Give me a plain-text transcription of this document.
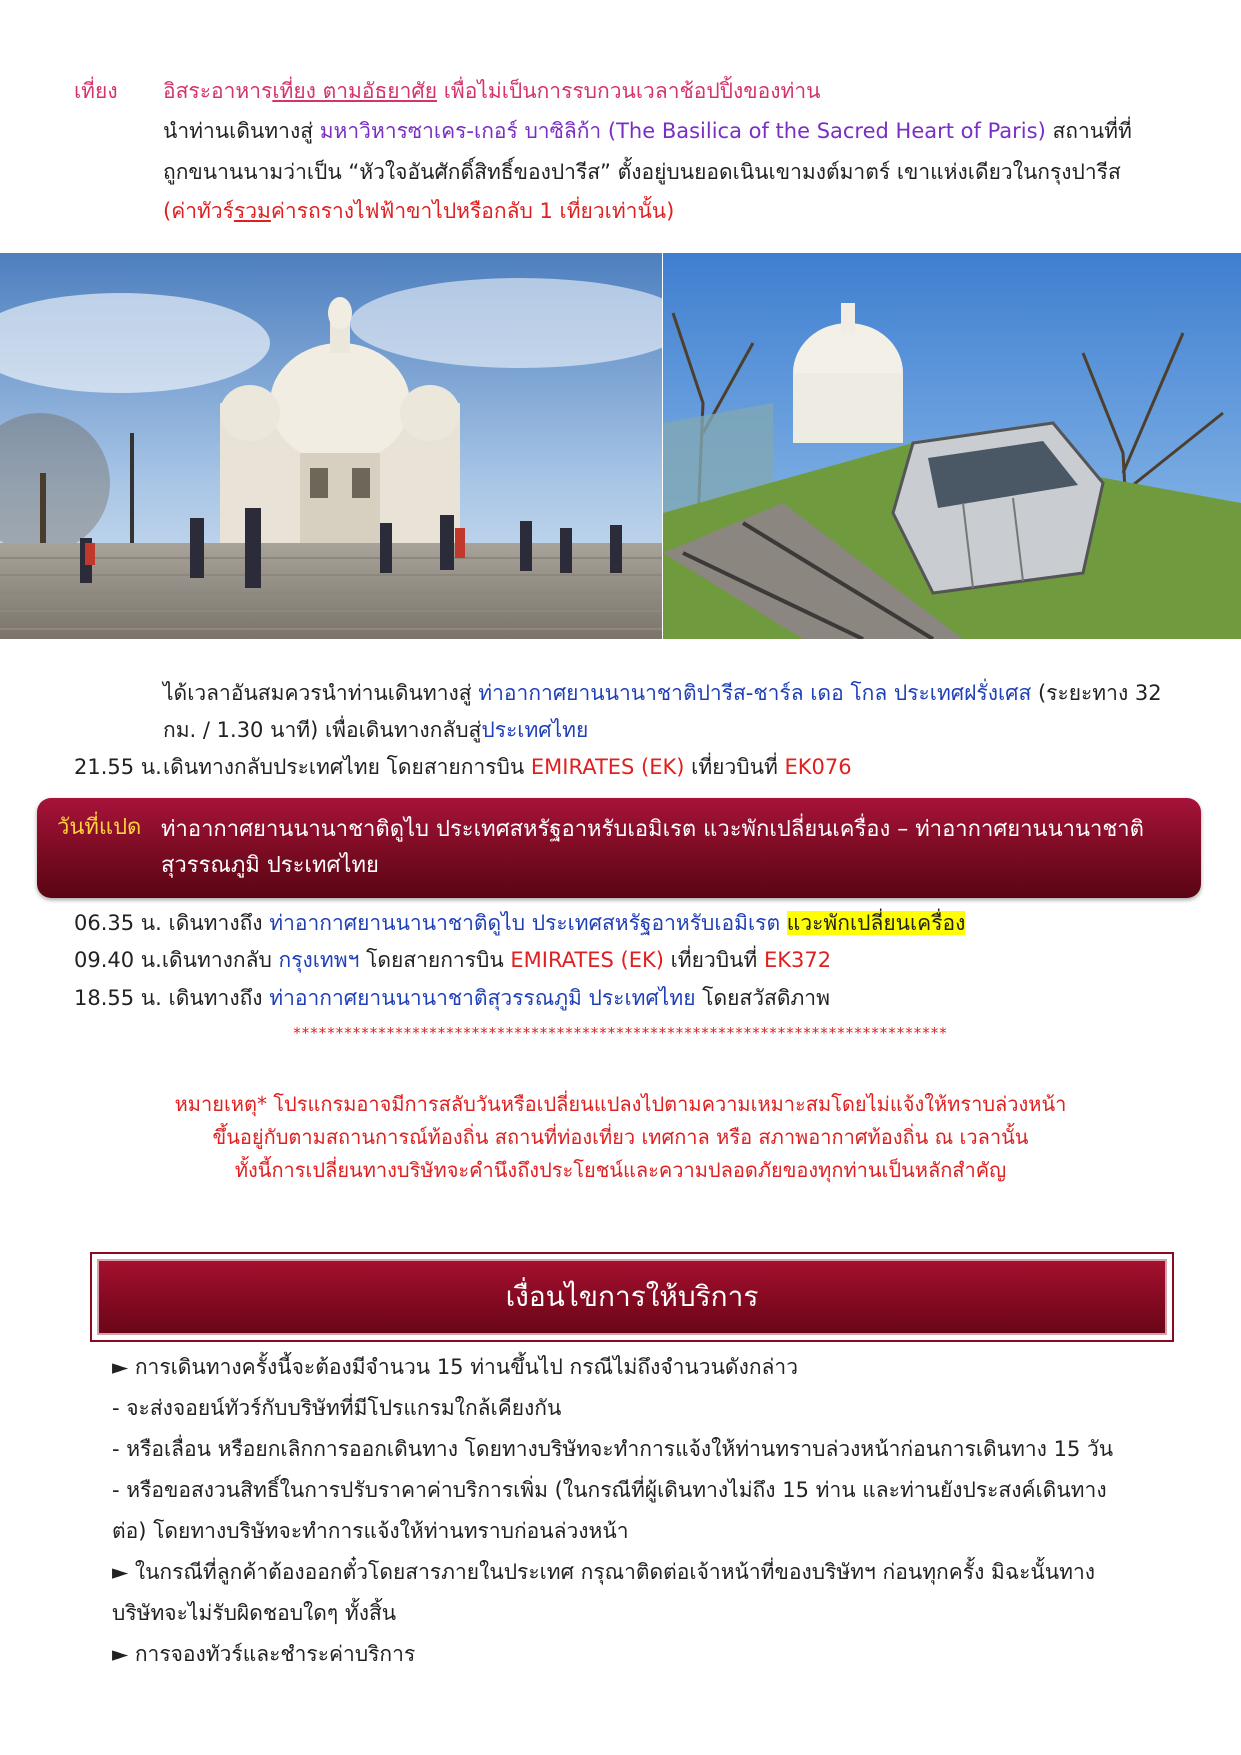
เที่ยง อิสระอาหารเที่ยง ตามอัธยาศัย เพื่อไม่เป็นการรบกวนเวลาช้อปปิ้งของท่าน
นำท่านเดินทางสู่ มหาวิหารซาเคร-เกอร์ บาซิลิก้า (The Basilica of the Sacred Heart of Paris) สถานที่ที่
ถูกขนานนามว่าเป็น “หัวใจอันศักดิ์สิทธิ์ของปารีส” ตั้งอยู่บนยอดเนินเขามงต์มาตร์ เขาแห่งเดียวในกรุงปารีส
(ค่าทัวร์รวมค่ารถรางไฟฟ้าขาไปหรือกลับ 1 เที่ยวเท่านั้น)
ได้เวลาอันสมควรนำท่านเดินทางสู่ ท่าอากาศยานนานาชาติปารีส-ชาร์ล เดอ โกล ประเทศฝรั่งเศส (ระยะทาง 32
กม. / 1.30 นาที) เพื่อเดินทางกลับสู่ประเทศไทย
21.55 น. เดินทางกลับประเทศไทย โดยสายการบิน EMIRATES (EK) เที่ยวบินที่ EK076
วันที่แปด ท่าอากาศยานนานาชาติดูไบ ประเทศสหรัฐอาหรับเอมิเรต แวะพักเปลี่ยนเครื่อง – ท่าอากาศยานนานาชาติ สุวรรณภูมิ ประเทศไทย
06.35 น. เดินทางถึง ท่าอากาศยานนานาชาติดูไบ ประเทศสหรัฐอาหรับเอมิเรต แวะพักเปลี่ยนเครื่อง
09.40 น.เดินทางกลับ กรุงเทพฯ โดยสายการบิน EMIRATES (EK) เที่ยวบินที่ EK372
18.55 น. เดินทางถึง ท่าอากาศยานนานาชาติสุวรรณภูมิ ประเทศไทย โดยสวัสดิภาพ
*****************************************************************************
หมายเหตุ* โปรแกรมอาจมีการสลับวันหรือเปลี่ยนแปลงไปตามความเหมาะสมโดยไม่แจ้งให้ทราบล่วงหน้า
ขึ้นอยู่กับตามสถานการณ์ท้องถิ่น สถานที่ท่องเที่ยว เทศกาล หรือ สภาพอากาศท้องถิ่น ณ เวลานั้น
ทั้งนี้การเปลี่ยนทางบริษัทจะคำนึงถึงประโยชน์และความปลอดภัยของทุกท่านเป็นหลักสำคัญ
เงื่อนไขการให้บริการ
► การเดินทางครั้งนี้จะต้องมีจำนวน 15 ท่านขึ้นไป กรณีไม่ถึงจำนวนดังกล่าว
- จะส่งจอยน์ทัวร์กับบริษัทที่มีโปรแกรมใกล้เคียงกัน
- หรือเลื่อน หรือยกเลิกการออกเดินทาง โดยทางบริษัทจะทำการแจ้งให้ท่านทราบล่วงหน้าก่อนการเดินทาง 15 วัน
- หรือขอสงวนสิทธิ์ในการปรับราคาค่าบริการเพิ่ม (ในกรณีที่ผู้เดินทางไม่ถึง 15 ท่าน และท่านยังประสงค์เดินทาง
ต่อ) โดยทางบริษัทจะทำการแจ้งให้ท่านทราบก่อนล่วงหน้า
► ในกรณีที่ลูกค้าต้องออกตั๋วโดยสารภายในประเทศ กรุณาติดต่อเจ้าหน้าที่ของบริษัทฯ ก่อนทุกครั้ง มิฉะนั้นทาง
บริษัทจะไม่รับผิดชอบใดๆ ทั้งสิ้น
► การจองทัวร์และชำระค่าบริการ
